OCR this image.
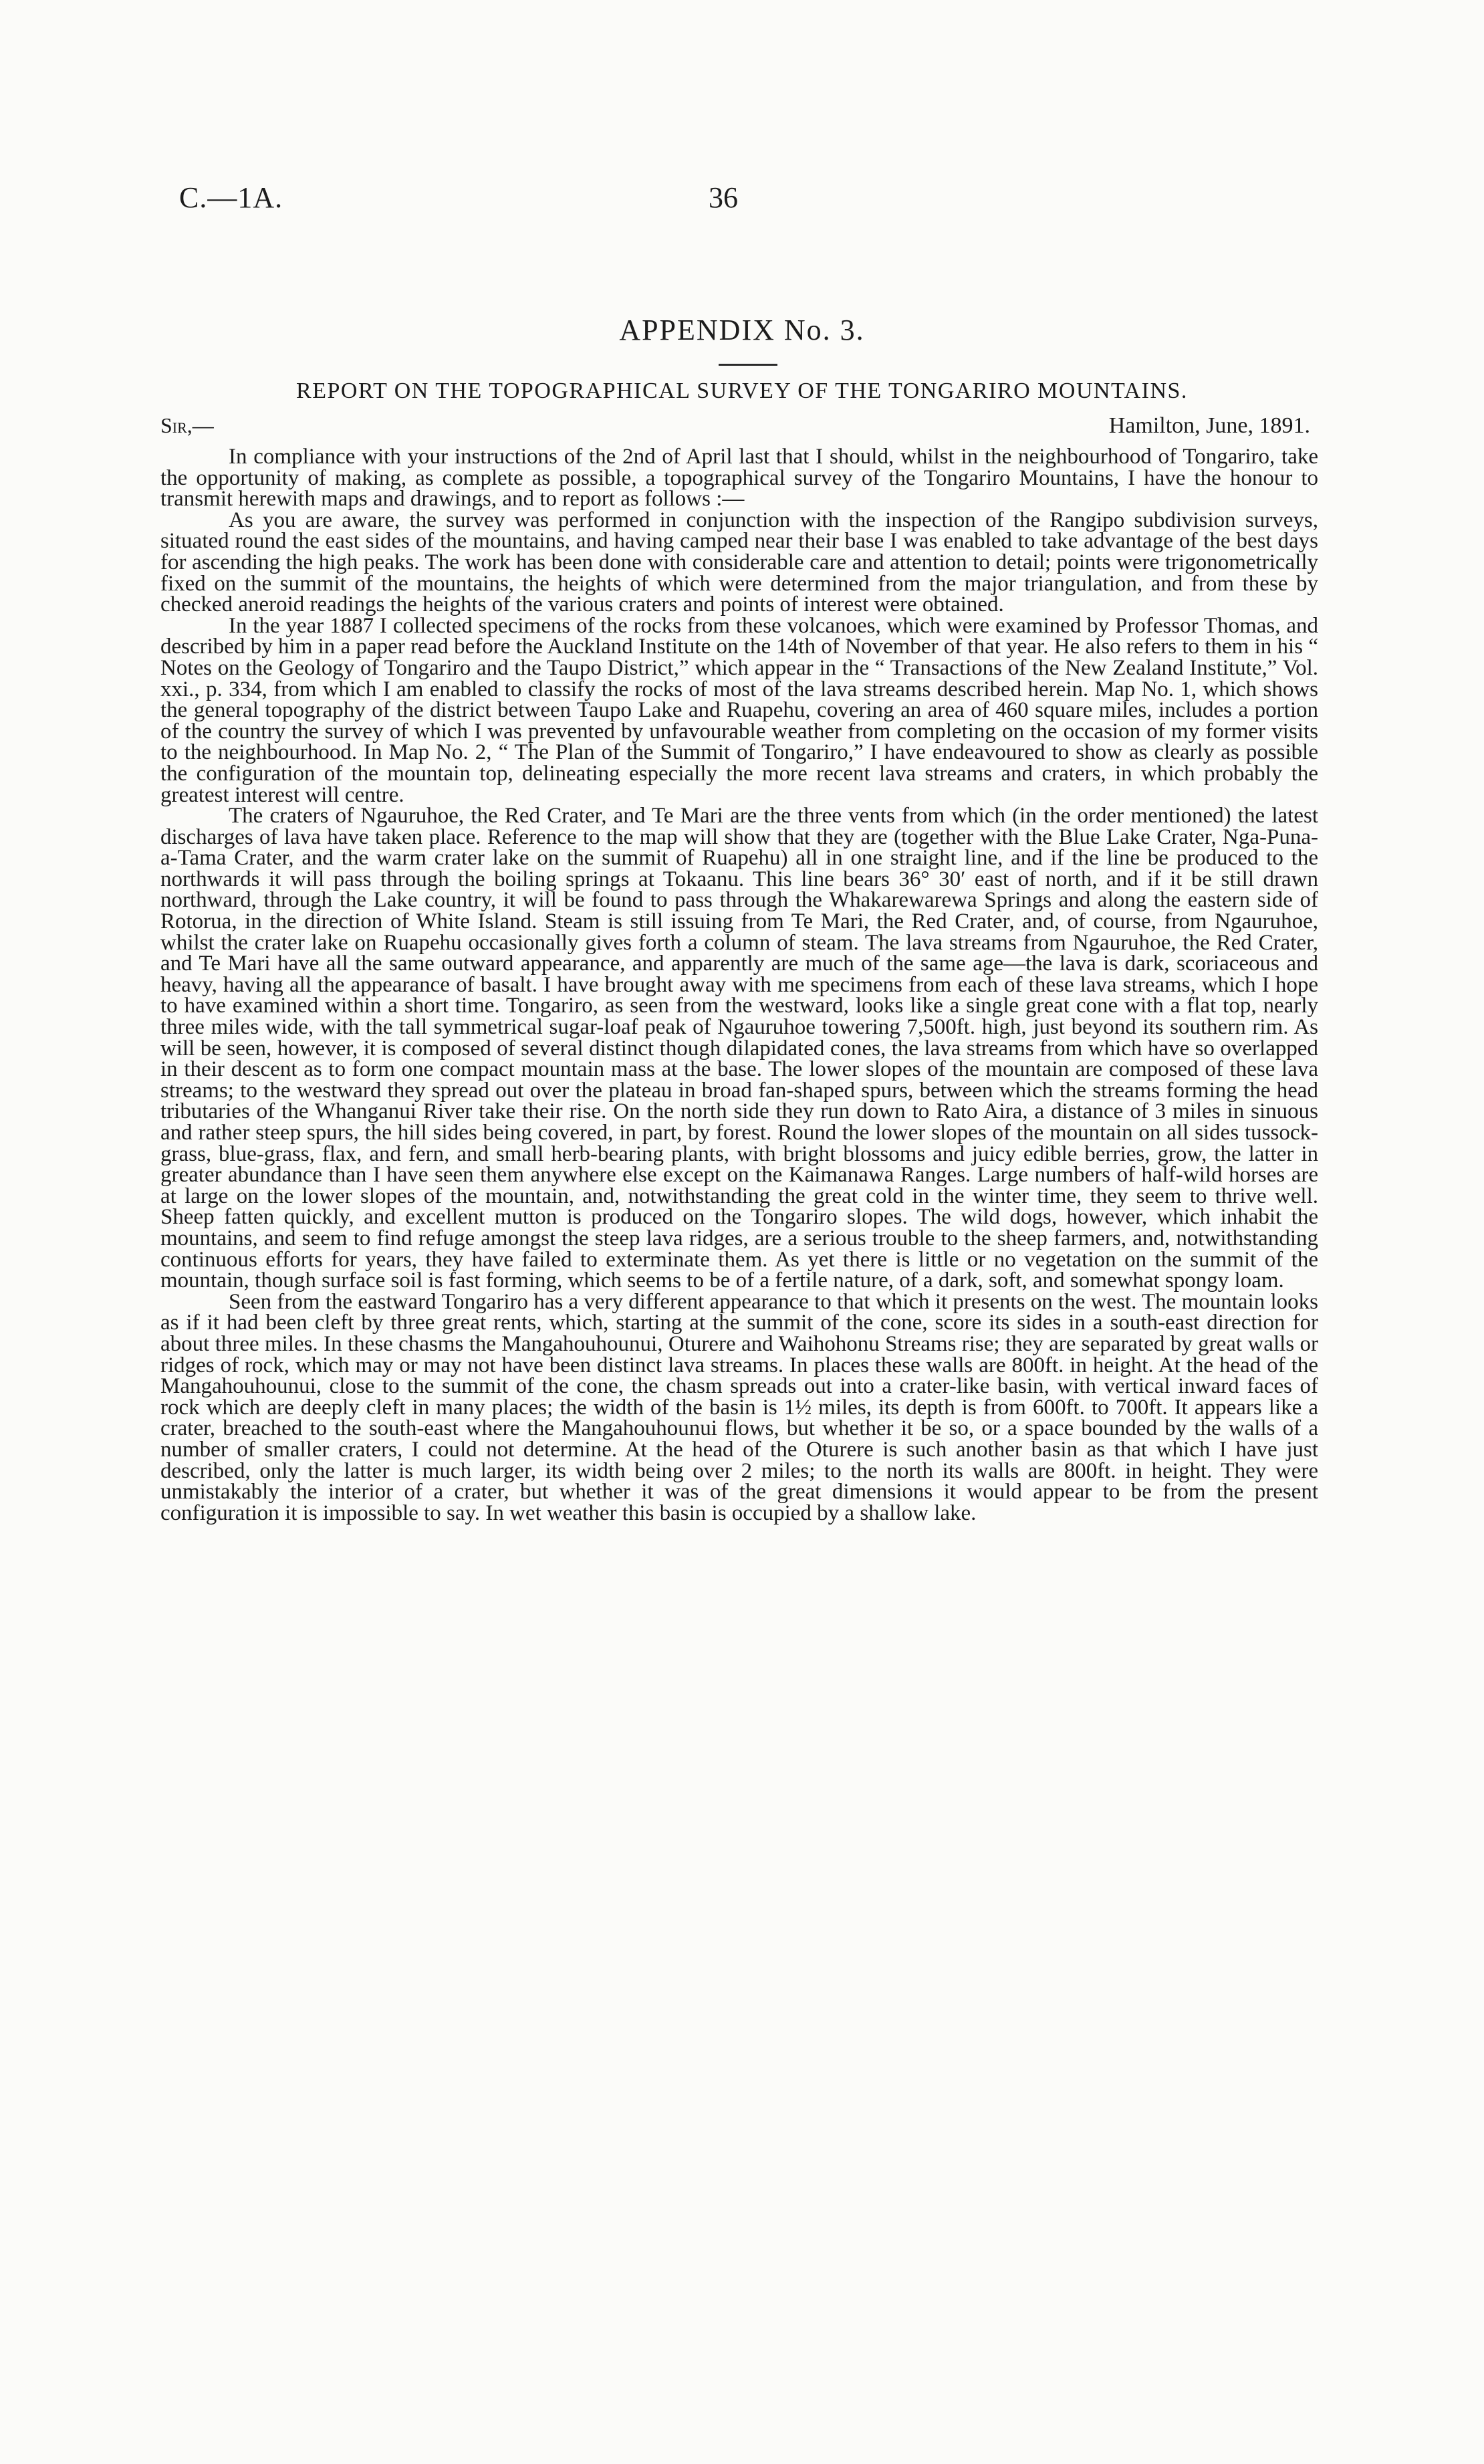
C.—1A.	36
APPENDIX No. 3.
REPORT ON THE TOPOGRAPHICAL SURVEY OF THE TONGARIRO MOUNTAINS.
Sir,—	Hamilton, June, 1891.

In compliance with your instructions of the 2nd of April last that I should, whilst in the neighbourhood of Tongariro, take the opportunity of making, as complete as possible, a topographical survey of the Tongariro Mountains, I have the honour to transmit herewith maps and drawings, and to report as follows :—

As you are aware, the survey was performed in conjunction with the inspection of the Rangipo subdivision surveys, situated round the east sides of the mountains, and having camped near their base I was enabled to take advantage of the best days for ascending the high peaks. The work has been done with considerable care and attention to detail; points were trigonometrically fixed on the summit of the mountains, the heights of which were determined from the major triangulation, and from these by checked aneroid readings the heights of the various craters and points of interest were obtained.

In the year 1887 I collected specimens of the rocks from these volcanoes, which were examined by Professor Thomas, and described by him in a paper read before the Auckland Institute on the 14th of November of that year. He also refers to them in his “ Notes on the Geology of Tongariro and the Taupo District,” which appear in the “ Transactions of the New Zealand Institute,” Vol. xxi., p. 334, from which I am enabled to classify the rocks of most of the lava streams described herein. Map No. 1, which shows the general topography of the district between Taupo Lake and Ruapehu, covering an area of 460 square miles, includes a portion of the country the survey of which I was prevented by unfavourable weather from completing on the occasion of my former visits to the neighbourhood. In Map No. 2, “ The Plan of the Summit of Tongariro,” I have endeavoured to show as clearly as possible the configuration of the mountain top, delineating especially the more recent lava streams and craters, in which probably the greatest interest will centre.

The craters of Ngauruhoe, the Red Crater, and Te Mari are the three vents from which (in the order mentioned) the latest discharges of lava have taken place. Reference to the map will show that they are (together with the Blue Lake Crater, Nga-Puna-a-Tama Crater, and the warm crater lake on the summit of Ruapehu) all in one straight line, and if the line be produced to the northwards it will pass through the boiling springs at Tokaanu. This line bears 36° 30′ east of north, and if it be still drawn northward, through the Lake country, it will be found to pass through the Whakarewarewa Springs and along the eastern side of Rotorua, in the direction of White Island. Steam is still issuing from Te Mari, the Red Crater, and, of course, from Ngauruhoe, whilst the crater lake on Ruapehu occasionally gives forth a column of steam. The lava streams from Ngauruhoe, the Red Crater, and Te Mari have all the same outward appearance, and apparently are much of the same age—the lava is dark, scoriaceous and heavy, having all the appearance of basalt. I have brought away with me specimens from each of these lava streams, which I hope to have examined within a short time. Tongariro, as seen from the westward, looks like a single great cone with a flat top, nearly three miles wide, with the tall symmetrical sugar-loaf peak of Ngauruhoe towering 7,500ft. high, just beyond its southern rim. As will be seen, however, it is composed of several distinct though dilapidated cones, the lava streams from which have so overlapped in their descent as to form one compact mountain mass at the base. The lower slopes of the mountain are composed of these lava streams; to the westward they spread out over the plateau in broad fan-shaped spurs, between which the streams forming the head tributaries of the Whanganui River take their rise. On the north side they run down to Rato Aira, a distance of 3 miles in sinuous and rather steep spurs, the hill sides being covered, in part, by forest. Round the lower slopes of the mountain on all sides tussock-grass, blue-grass, flax, and fern, and small herb-bearing plants, with bright blossoms and juicy edible berries, grow, the latter in greater abundance than I have seen them anywhere else except on the Kaimanawa Ranges. Large numbers of half-wild horses are at large on the lower slopes of the mountain, and, notwithstanding the great cold in the winter time, they seem to thrive well. Sheep fatten quickly, and excellent mutton is produced on the Tongariro slopes. The wild dogs, however, which inhabit the mountains, and seem to find refuge amongst the steep lava ridges, are a serious trouble to the sheep farmers, and, notwithstanding continuous efforts for years, they have failed to exterminate them. As yet there is little or no vegetation on the summit of the mountain, though surface soil is fast forming, which seems to be of a fertile nature, of a dark, soft, and somewhat spongy loam.

Seen from the eastward Tongariro has a very different appearance to that which it presents on the west. The mountain looks as if it had been cleft by three great rents, which, starting at the summit of the cone, score its sides in a south-east direction for about three miles. In these chasms the Mangahouhounui, Oturere and Waihohonu Streams rise; they are separated by great walls or ridges of rock, which may or may not have been distinct lava streams. In places these walls are 800ft. in height. At the head of the Mangahouhounui, close to the summit of the cone, the chasm spreads out into a crater-like basin, with vertical inward faces of rock which are deeply cleft in many places; the width of the basin is 1½ miles, its depth is from 600ft. to 700ft. It appears like a crater, breached to the south-east where the Mangahouhounui flows, but whether it be so, or a space bounded by the walls of a number of smaller craters, I could not determine. At the head of the Oturere is such another basin as that which I have just described, only the latter is much larger, its width being over 2 miles; to the north its walls are 800ft. in height. They were unmistakably the interior of a crater, but whether it was of the great dimensions it would appear to be from the present configuration it is impossible to say. In wet weather this basin is occupied by a shallow lake.
